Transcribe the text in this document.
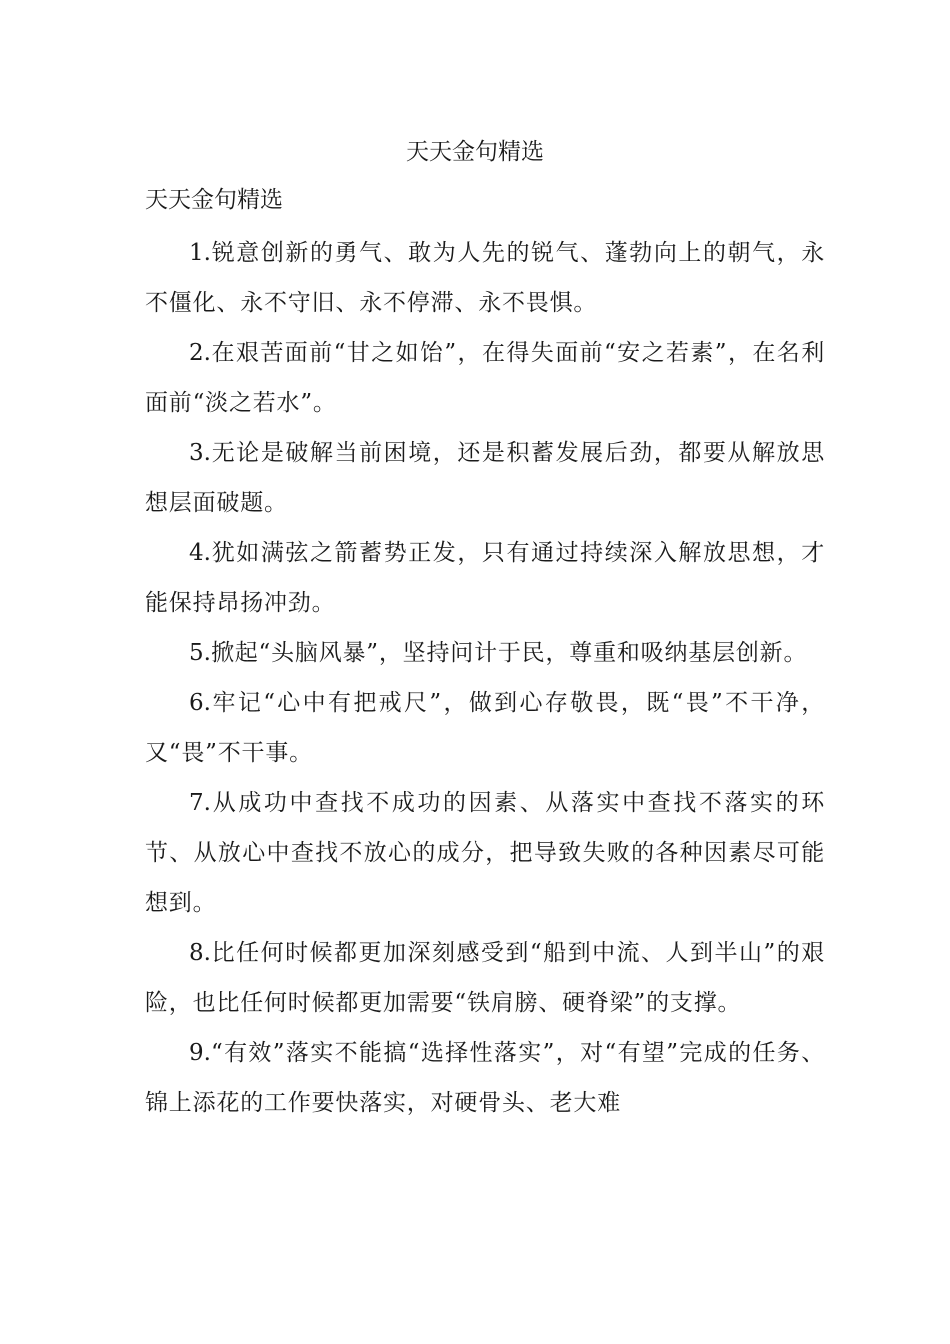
天天金句精选

天天金句精选

1.锐意创新的勇气、敢为人先的锐气、蓬勃向上的朝气，永不僵化、永不守旧、永不停滞、永不畏惧。

2.在艰苦面前“甘之如饴”，在得失面前“安之若素”，在名利面前“淡之若水”。

3.无论是破解当前困境，还是积蓄发展后劲，都要从解放思想层面破题。

4.犹如满弦之箭蓄势正发，只有通过持续深入解放思想，才能保持昂扬冲劲。

5.掀起“头脑风暴”，坚持问计于民，尊重和吸纳基层创新。

6.牢记“心中有把戒尺”，做到心存敬畏，既“畏”不干净，又“畏”不干事。

7.从成功中查找不成功的因素、从落实中查找不落实的环节、从放心中查找不放心的成分，把导致失败的各种因素尽可能想到。

8.比任何时候都更加深刻感受到“船到中流、人到半山”的艰险，也比任何时候都更加需要“铁肩膀、硬脊梁”的支撑。

9.“有效”落实不能搞“选择性落实”，对“有望”完成的任务、锦上添花的工作要快落实，对硬骨头、老大难
